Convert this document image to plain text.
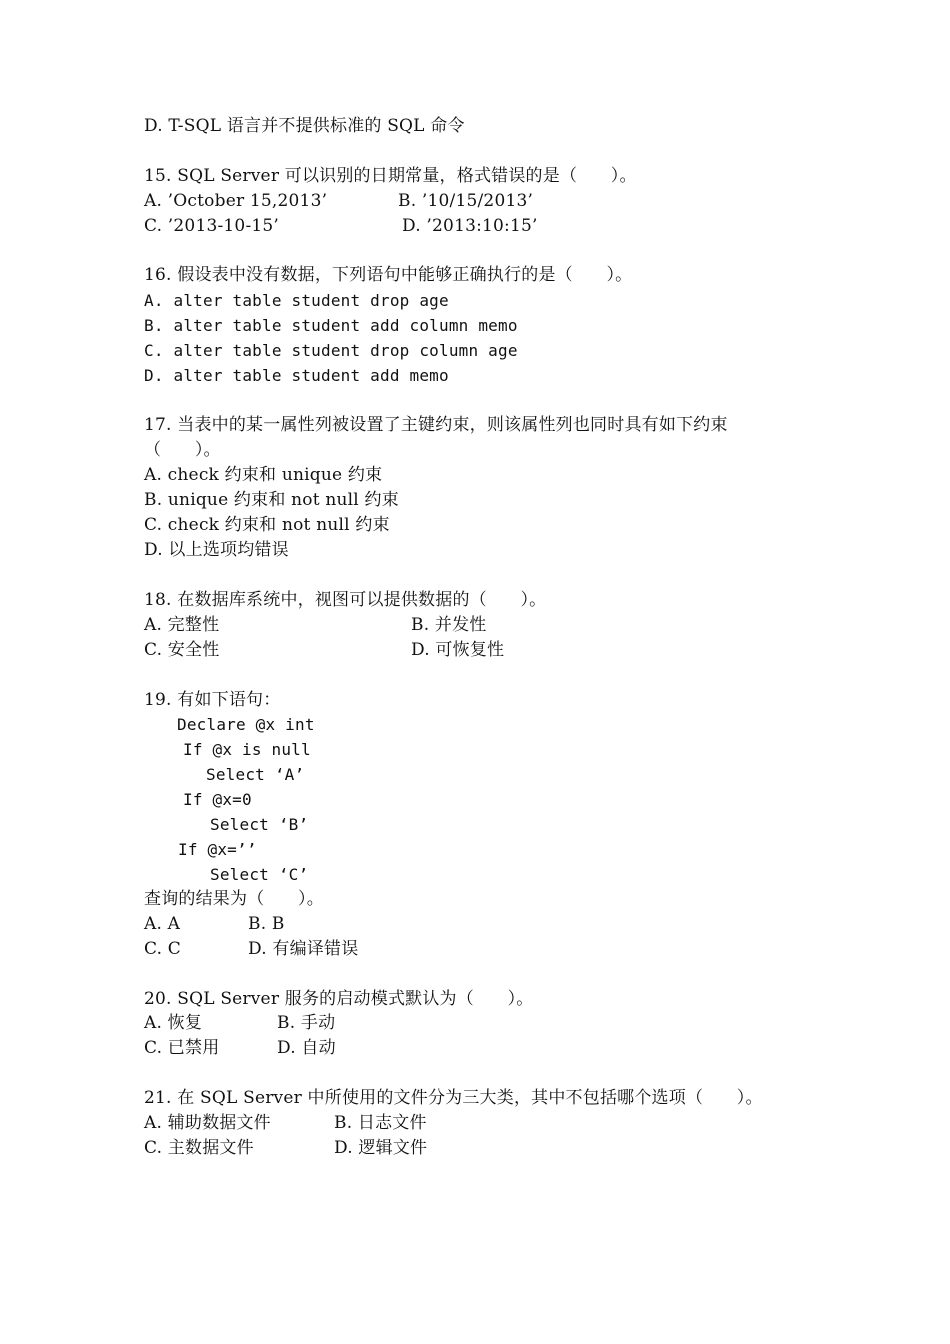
D. T-SQL 语言并不提供标准的 SQL 命令
15. SQL Server 可以识别的日期常量，格式错误的是（      ）。
A. ’October 15,2013’	B. ’10/15/2013’
C. ’2013-10-15’	D. ’2013:10:15’
16. 假设表中没有数据，下列语句中能够正确执行的是（      ）。
A. alter table student drop age
B. alter table student add column memo
C. alter table student drop column age
D. alter table student add memo
17. 当表中的某一属性列被设置了主键约束，则该属性列也同时具有如下约束
（      ）。
A. check 约束和 unique 约束
B. unique 约束和 not null 约束
C. check 约束和 not null 约束
D. 以上选项均错误
18. 在数据库系统中，视图可以提供数据的（      ）。
A. 完整性	B. 并发性
C. 安全性	D. 可恢复性
19. 有如下语句：
Declare @x int
If @x is null
Select ‘A’
If @x=0
Select ‘B’
If @x=’’
Select ‘C’
查询的结果为（      ）。
A. A	B. B
C. C	D. 有编译错误
20. SQL Server 服务的启动模式默认为（      ）。
A. 恢复	B. 手动
C. 已禁用	D. 自动
21. 在 SQL Server 中所使用的文件分为三大类，其中不包括哪个选项（      ）。
A. 辅助数据文件	B. 日志文件
C. 主数据文件	D. 逻辑文件
